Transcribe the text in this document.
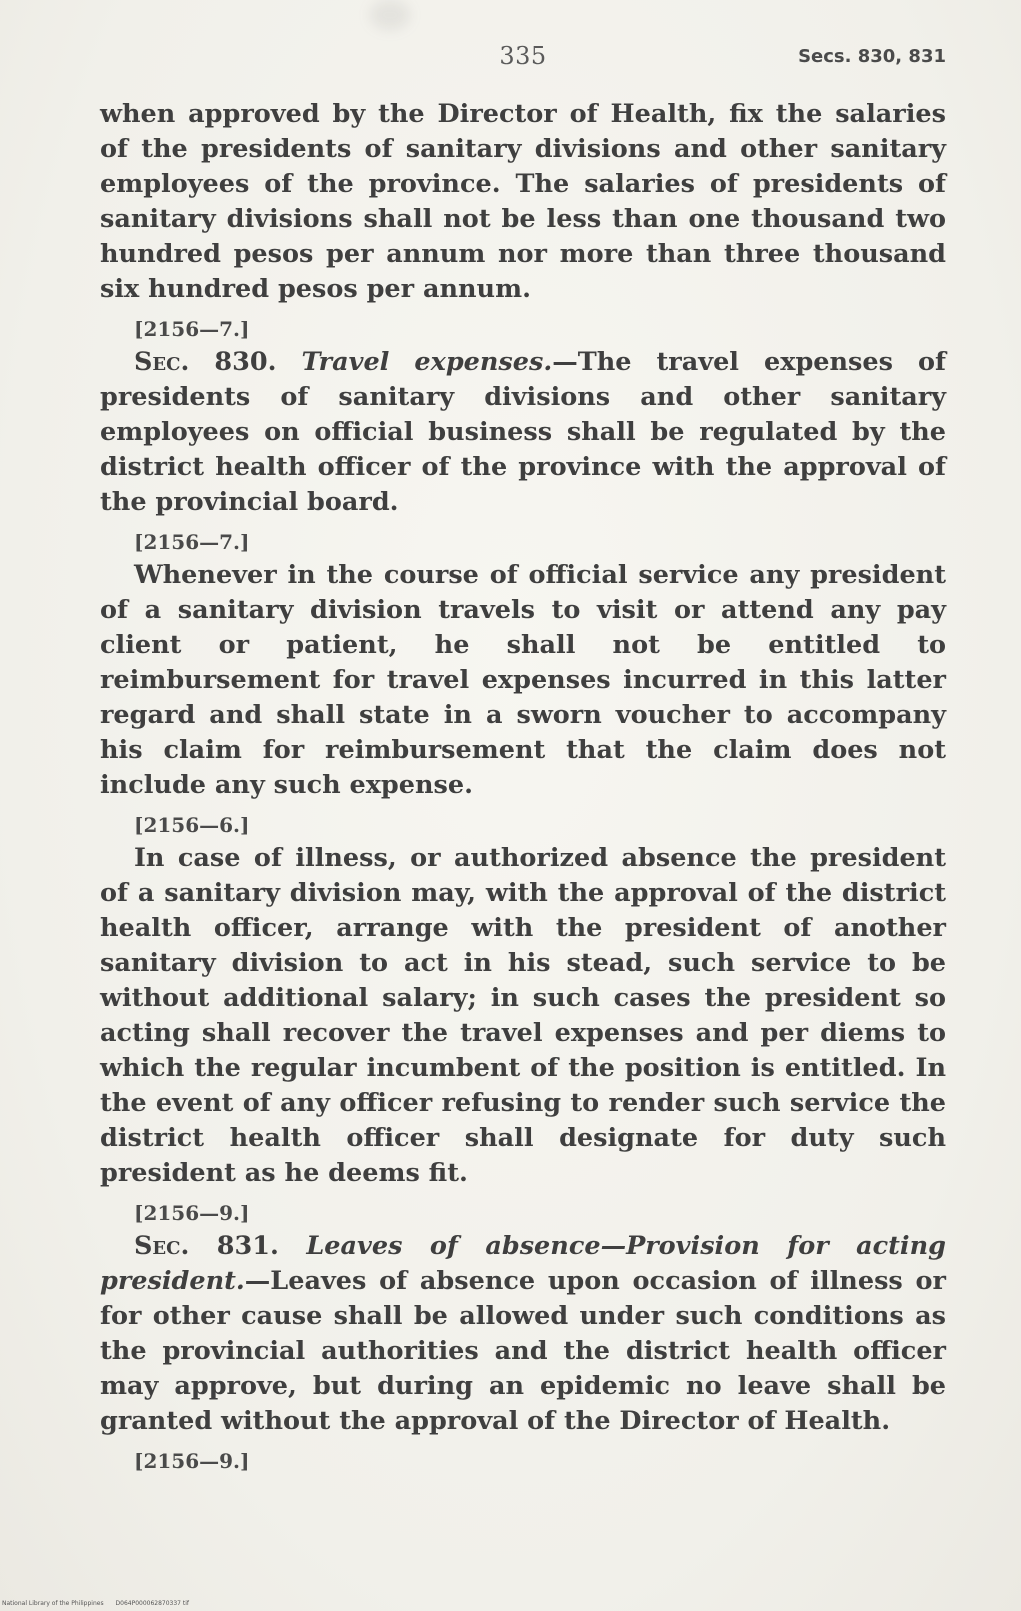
335	Secs. 830, 831

when approved by the Director of Health, fix the salaries of the presidents of sanitary divisions and other sanitary employees of the province. The salaries of presidents of sanitary divisions shall not be less than one thousand two hundred pesos per annum nor more than three thousand six hundred pesos per annum.

[2156—7.]

Sec. 830. Travel expenses.—The travel expenses of presidents of sanitary divisions and other sanitary employees on official business shall be regulated by the district health officer of the province with the approval of the provincial board.

[2156—7.]

Whenever in the course of official service any president of a sanitary division travels to visit or attend any pay client or patient, he shall not be entitled to reimbursement for travel expenses incurred in this latter regard and shall state in a sworn voucher to accompany his claim for reimbursement that the claim does not include any such expense.

[2156—6.]

In case of illness, or authorized absence the president of a sanitary division may, with the approval of the district health officer, arrange with the president of another sanitary division to act in his stead, such service to be without additional salary; in such cases the president so acting shall recover the travel expenses and per diems to which the regular incumbent of the position is entitled. In the event of any officer refusing to render such service the district health officer shall designate for duty such president as he deems fit.

[2156—9.]

Sec. 831. Leaves of absence—Provision for acting president.—Leaves of absence upon occasion of illness or for other cause shall be allowed under such conditions as the provincial authorities and the district health officer may approve, but during an epidemic no leave shall be granted without the approval of the Director of Health.

[2156—9.]

National Library of the Philippines D064P000062870337 tif
